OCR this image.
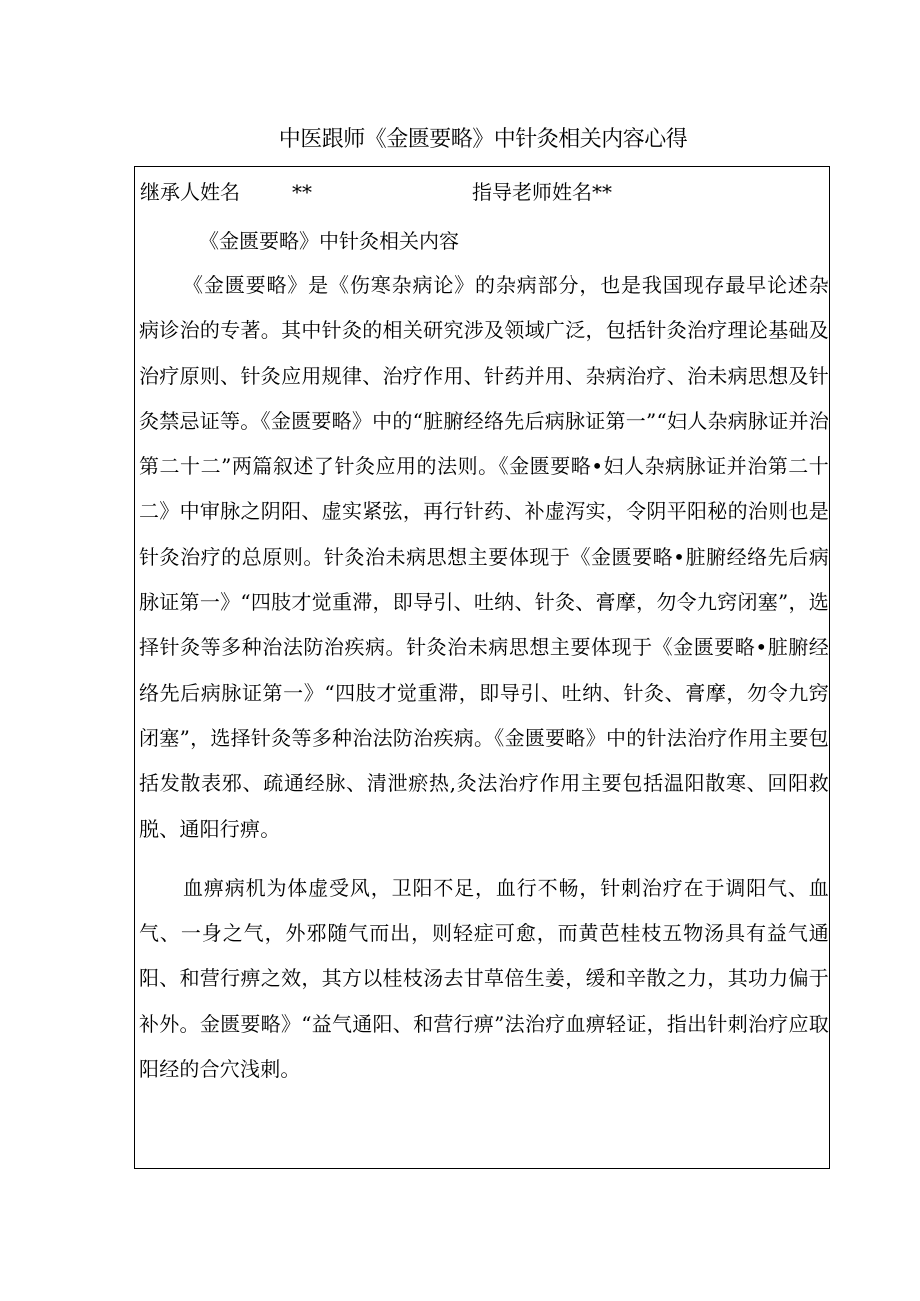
中医跟师《金匮要略》中针灸相关内容心得
继承人姓名	**	指导老师姓名**
《金匮要略》中针灸相关内容

《金匮要略》是《伤寒杂病论》的杂病部分，也是我国现存最早论述杂病诊治的专著。其中针灸的相关研究涉及领域广泛，包括针灸治疗理论基础及治疗原则、针灸应用规律、治疗作用、针药并用、杂病治疗、治未病思想及针灸禁忌证等。《金匮要略》中的“脏腑经络先后病脉证第一”“妇人杂病脉证并治第二十二”两篇叙述了针灸应用的法则。《金匮要略•妇人杂病脉证并治第二十二》中审脉之阴阳、虚实紧弦，再行针药、补虚泻实，令阴平阳秘的治则也是针灸治疗的总原则。针灸治未病思想主要体现于《金匮要略•脏腑经络先后病脉证第一》“四肢才觉重滞，即导引、吐纳、针灸、膏摩，勿令九窍闭塞”，选择针灸等多种治法防治疾病。针灸治未病思想主要体现于《金匮要略•脏腑经络先后病脉证第一》“四肢才觉重滞，即导引、吐纳、针灸、膏摩，勿令九窍闭塞”，选择针灸等多种治法防治疾病。《金匮要略》中的针法治疗作用主要包括发散表邪、疏通经脉、清泄瘀热,灸法治疗作用主要包括温阳散寒、回阳救脱、通阳行痹。

血痹病机为体虚受风，卫阳不足，血行不畅，针刺治疗在于调阳气、血气、一身之气，外邪随气而出，则轻症可愈，而黄芭桂枝五物汤具有益气通阳、和营行痹之效，其方以桂枝汤去甘草倍生姜，缓和辛散之力，其功力偏于补外。金匮要略》“益气通阳、和营行痹”法治疗血痹轻证，指出针刺治疗应取阳经的合穴浅刺。
